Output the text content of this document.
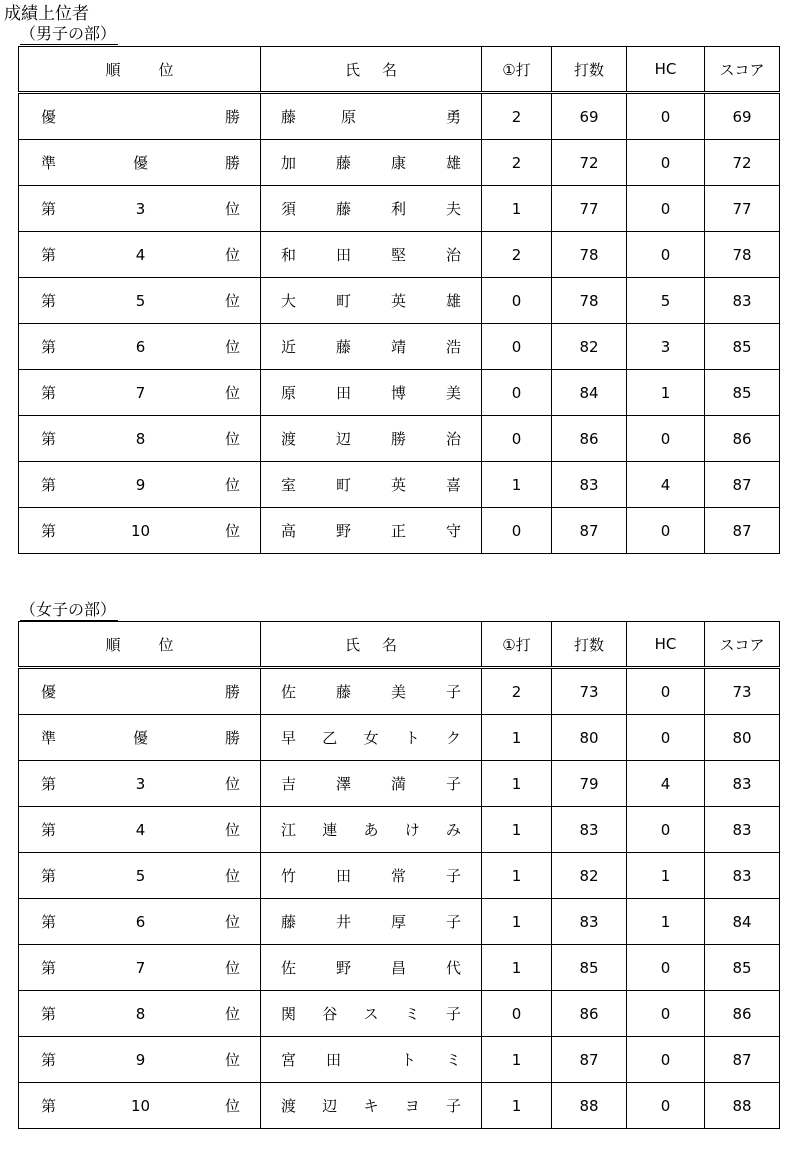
成績上位者
（男子の部）
順 位	氏 名	①打	打数	HC	スコア

優 勝	藤 原 勇	2	69	0	69

準 優 勝	加 藤 康 雄	2	72	0	72

第 3 位	須 藤 利 夫	1	77	0	77

第 4 位	和 田 堅 治	2	78	0	78

第 5 位	大 町 英 雄	0	78	5	83

第 6 位	近 藤 靖 浩	0	82	3	85

第 7 位	原 田 博 美	0	84	1	85

第 8 位	渡 辺 勝 治	0	86	0	86

第 9 位	室 町 英 喜	1	83	4	87

第 10 位	高 野 正 守	0	87	0	87
（女子の部）
順 位	氏 名	①打	打数	HC	スコア

優 勝	佐 藤 美 子	2	73	0	73

準 優 勝	早 乙 女 ト ク	1	80	0	80

第 3 位	吉 澤 満 子	1	79	4	83

第 4 位	江 連 あ け み	1	83	0	83

第 5 位	竹 田 常 子	1	82	1	83

第 6 位	藤 井 厚 子	1	83	1	84

第 7 位	佐 野 昌 代	1	85	0	85

第 8 位	関 谷 ス ミ 子	0	86	0	86

第 9 位	宮 田 ト ミ	1	87	0	87

第 10 位	渡 辺 キ ヨ 子	1	88	0	88
